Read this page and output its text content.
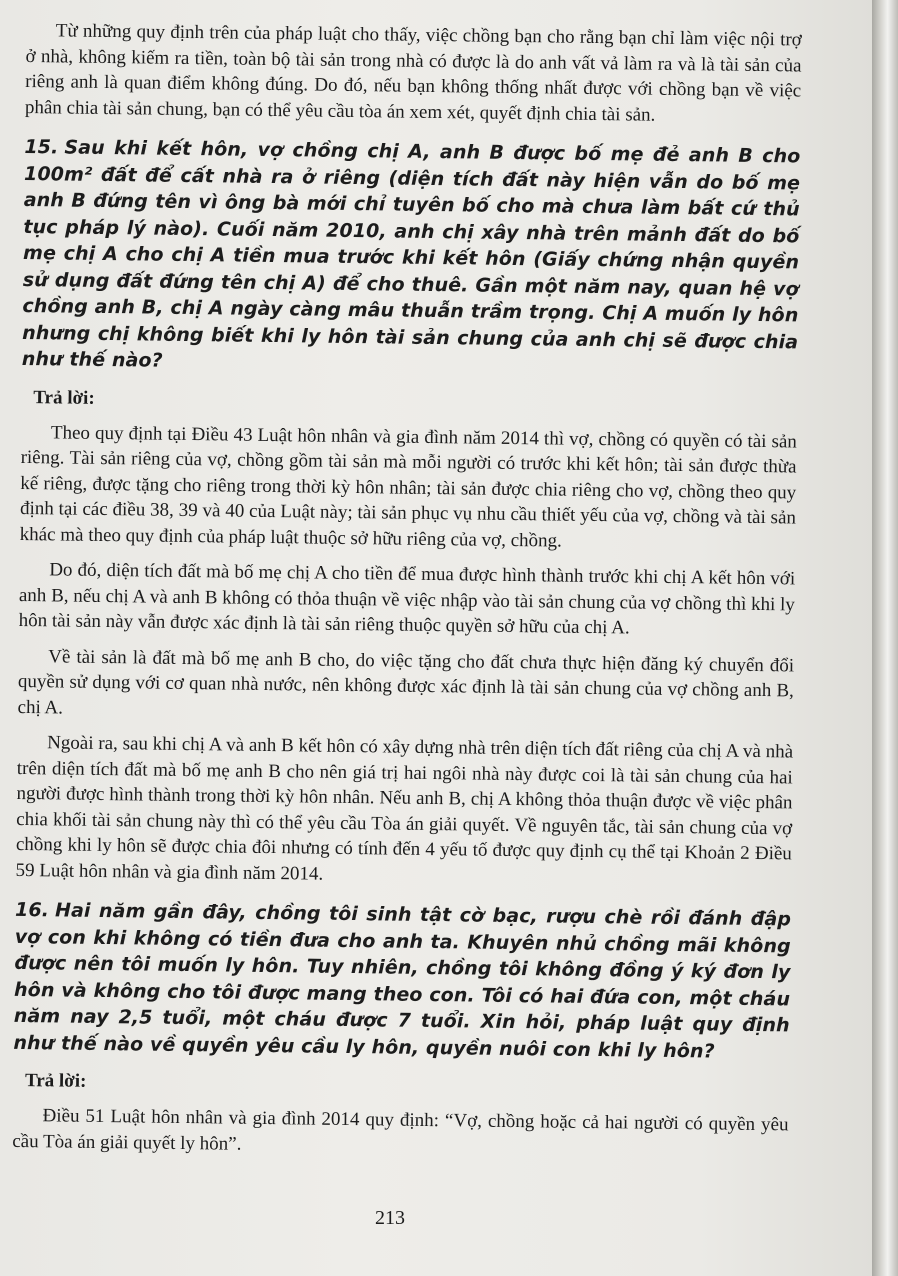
Từ những quy định trên của pháp luật cho thấy, việc chồng bạn cho rằng bạn chỉ làm việc nội trợ ở nhà, không kiếm ra tiền, toàn bộ tài sản trong nhà có được là do anh vất vả làm ra và là tài sản của riêng anh là quan điểm không đúng. Do đó, nếu bạn không thống nhất được với chồng bạn về việc phân chia tài sản chung, bạn có thể yêu cầu tòa án xem xét, quyết định chia tài sản.

15. Sau khi kết hôn, vợ chồng chị A, anh B được bố mẹ đẻ anh B cho 100m² đất để cất nhà ra ở riêng (diện tích đất này hiện vẫn do bố mẹ anh B đứng tên vì ông bà mới chỉ tuyên bố cho mà chưa làm bất cứ thủ tục pháp lý nào). Cuối năm 2010, anh chị xây nhà trên mảnh đất do bố mẹ chị A cho chị A tiền mua trước khi kết hôn (Giấy chứng nhận quyền sử dụng đất đứng tên chị A) để cho thuê. Gần một năm nay, quan hệ vợ chồng anh B, chị A ngày càng mâu thuẫn trầm trọng. Chị A muốn ly hôn nhưng chị không biết khi ly hôn tài sản chung của anh chị sẽ được chia như thế nào?
Trả lời:

Theo quy định tại Điều 43 Luật hôn nhân và gia đình năm 2014 thì vợ, chồng có quyền có tài sản riêng. Tài sản riêng của vợ, chồng gồm tài sản mà mỗi người có trước khi kết hôn; tài sản được thừa kế riêng, được tặng cho riêng trong thời kỳ hôn nhân; tài sản được chia riêng cho vợ, chồng theo quy định tại các điều 38, 39 và 40 của Luật này; tài sản phục vụ nhu cầu thiết yếu của vợ, chồng và tài sản khác mà theo quy định của pháp luật thuộc sở hữu riêng của vợ, chồng.

Do đó, diện tích đất mà bố mẹ chị A cho tiền để mua được hình thành trước khi chị A kết hôn với anh B, nếu chị A và anh B không có thỏa thuận về việc nhập vào tài sản chung của vợ chồng thì khi ly hôn tài sản này vẫn được xác định là tài sản riêng thuộc quyền sở hữu của chị A.

Về tài sản là đất mà bố mẹ anh B cho, do việc tặng cho đất chưa thực hiện đăng ký chuyển đổi quyền sử dụng với cơ quan nhà nước, nên không được xác định là tài sản chung của vợ chồng anh B, chị A.

Ngoài ra, sau khi chị A và anh B kết hôn có xây dựng nhà trên diện tích đất riêng của chị A và nhà trên diện tích đất mà bố mẹ anh B cho nên giá trị hai ngôi nhà này được coi là tài sản chung của hai người được hình thành trong thời kỳ hôn nhân. Nếu anh B, chị A không thỏa thuận được về việc phân chia khối tài sản chung này thì có thể yêu cầu Tòa án giải quyết. Về nguyên tắc, tài sản chung của vợ chồng khi ly hôn sẽ được chia đôi nhưng có tính đến 4 yếu tố được quy định cụ thể tại Khoản 2 Điều 59 Luật hôn nhân và gia đình năm 2014.

16. Hai năm gần đây, chồng tôi sinh tật cờ bạc, rượu chè rồi đánh đập vợ con khi không có tiền đưa cho anh ta. Khuyên nhủ chồng mãi không được nên tôi muốn ly hôn. Tuy nhiên, chồng tôi không đồng ý ký đơn ly hôn và không cho tôi được mang theo con. Tôi có hai đứa con, một cháu năm nay 2,5 tuổi, một cháu được 7 tuổi. Xin hỏi, pháp luật quy định như thế nào về quyền yêu cầu ly hôn, quyền nuôi con khi ly hôn?
Trả lời:

Điều 51 Luật hôn nhân và gia đình 2014 quy định: “Vợ, chồng hoặc cả hai người có quyền yêu cầu Tòa án giải quyết ly hôn”.

213
